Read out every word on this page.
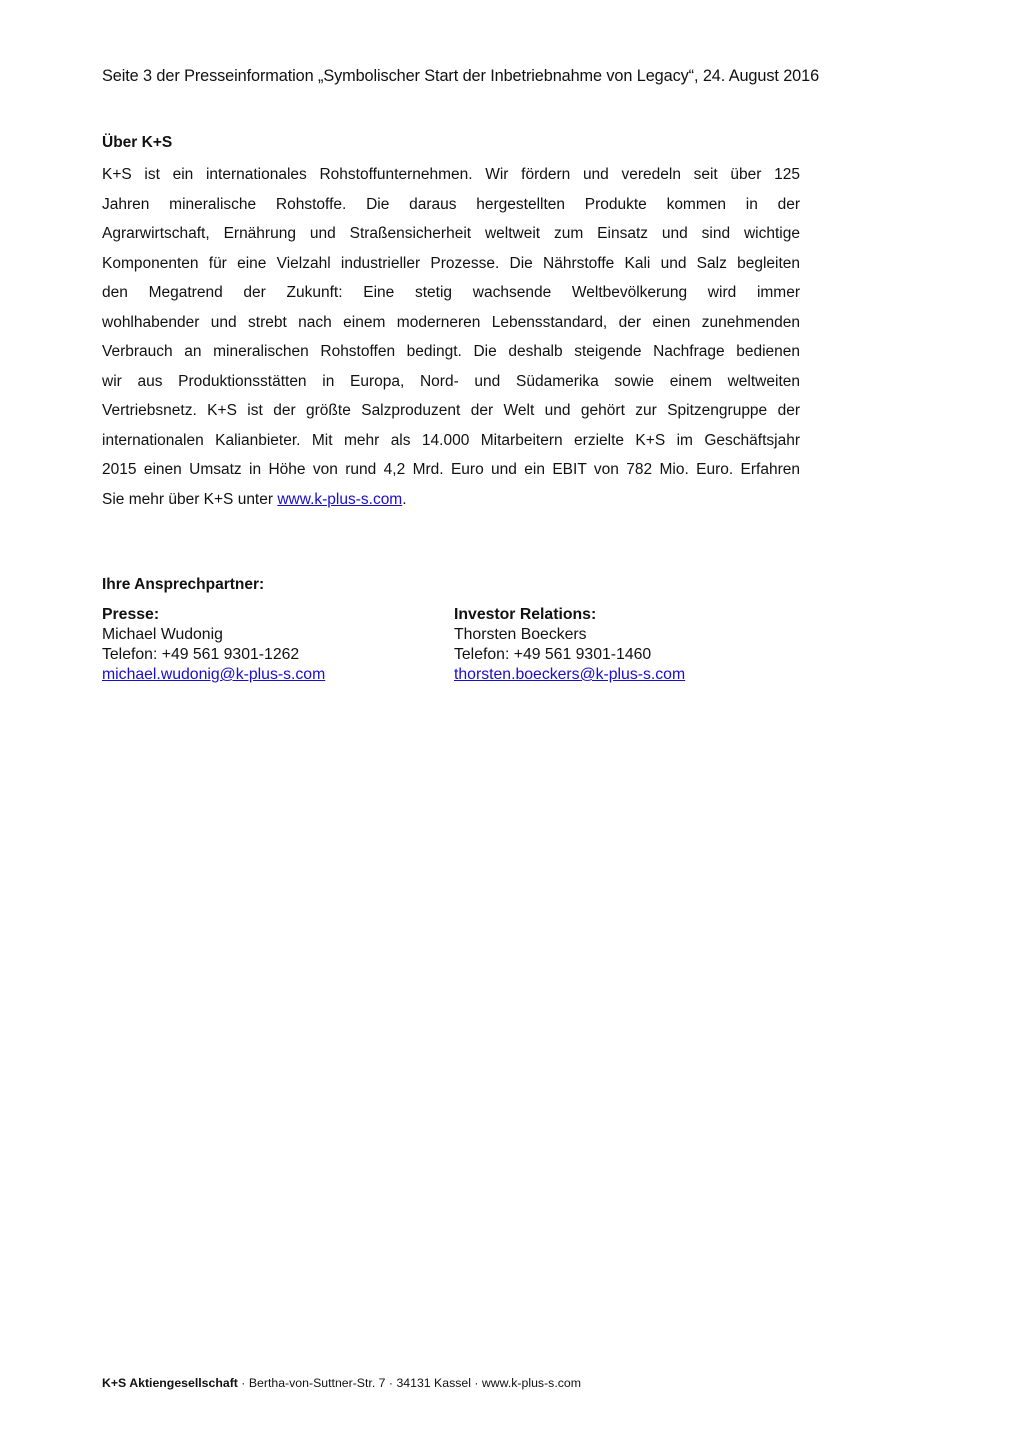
Seite 3 der Presseinformation „Symbolischer Start der Inbetriebnahme von Legacy“, 24. August 2016
Über K+S
K+S ist ein internationales Rohstoffunternehmen. Wir fördern und veredeln seit über 125
Jahren mineralische Rohstoffe. Die daraus hergestellten Produkte kommen in der
Agrarwirtschaft, Ernährung und Straßensicherheit weltweit zum Einsatz und sind wichtige
Komponenten für eine Vielzahl industrieller Prozesse. Die Nährstoffe Kali und Salz begleiten
den Megatrend der Zukunft: Eine stetig wachsende Weltbevölkerung wird immer
wohlhabender und strebt nach einem moderneren Lebensstandard, der einen zunehmenden
Verbrauch an mineralischen Rohstoffen bedingt. Die deshalb steigende Nachfrage bedienen
wir aus Produktionsstätten in Europa, Nord- und Südamerika sowie einem weltweiten
Vertriebsnetz. K+S ist der größte Salzproduzent der Welt und gehört zur Spitzengruppe der
internationalen Kalianbieter. Mit mehr als 14.000 Mitarbeitern erzielte K+S im Geschäftsjahr
2015 einen Umsatz in Höhe von rund 4,2 Mrd. Euro und ein EBIT von 782 Mio. Euro. Erfahren
Sie mehr über K+S unter www.k-plus-s.com.
Ihre Ansprechpartner:
Presse:
Michael Wudonig
Telefon: +49 561 9301-1262
michael.wudonig@k-plus-s.com
Investor Relations:
Thorsten Boeckers
Telefon: +49 561 9301-1460
thorsten.boeckers@k-plus-s.com
K+S Aktiengesellschaft · Bertha-von-Suttner-Str. 7 · 34131 Kassel · www.k-plus-s.com
